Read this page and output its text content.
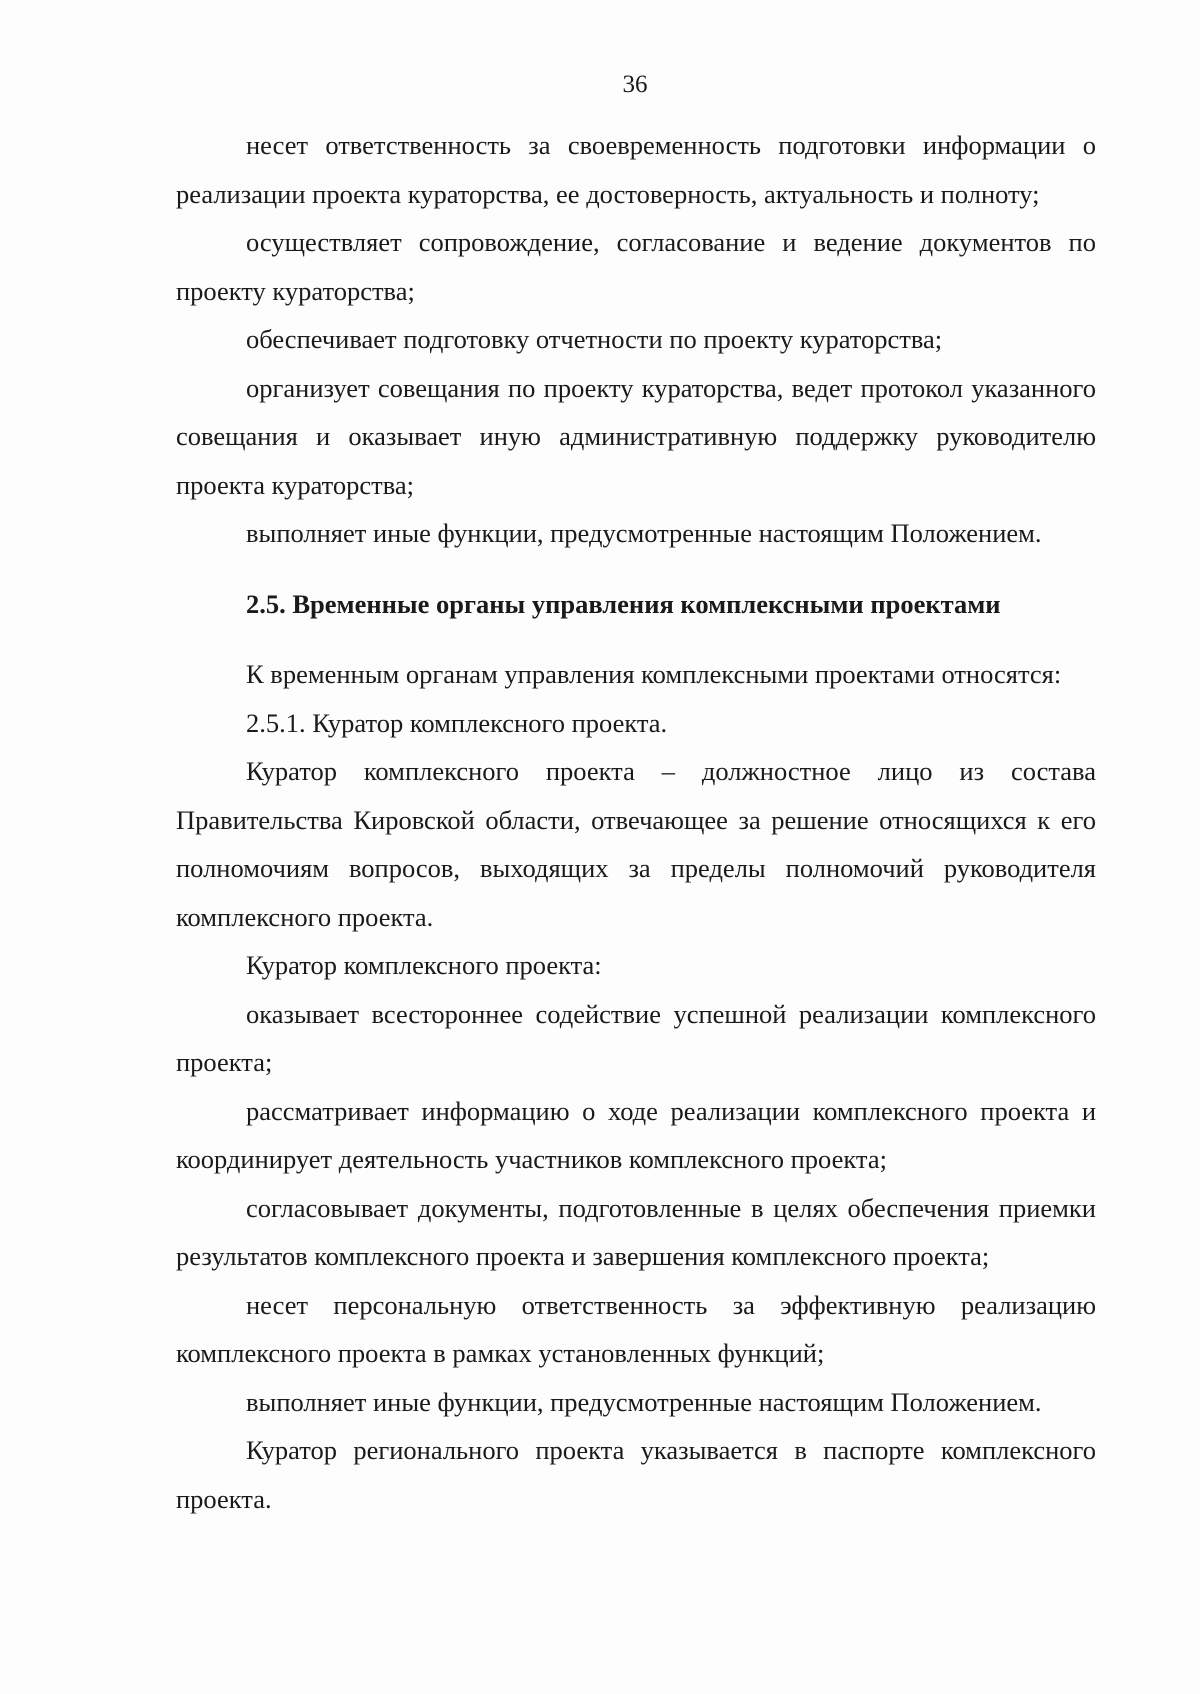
36

несет ответственность за своевременность подготовки информации о реализации проекта кураторства, ее достоверность, актуальность и полноту;

осуществляет сопровождение, согласование и ведение документов по проекту кураторства;

обеспечивает подготовку отчетности по проекту кураторства;

организует совещания по проекту кураторства, ведет протокол указанного совещания и оказывает иную административную поддержку руководителю проекта кураторства;

выполняет иные функции, предусмотренные настоящим Положением.

2.5. Временные органы управления комплексными проектами

К временным органам управления комплексными проектами относятся:

2.5.1. Куратор комплексного проекта.

Куратор комплексного проекта – должностное лицо из состава Правительства Кировской области, отвечающее за решение относящихся к его полномочиям вопросов, выходящих за пределы полномочий руководителя комплексного проекта.

Куратор комплексного проекта:

оказывает всестороннее содействие успешной реализации комплексного проекта;

рассматривает информацию о ходе реализации комплексного проекта и координирует деятельность участников комплексного проекта;

согласовывает документы, подготовленные в целях обеспечения приемки результатов комплексного проекта и завершения комплексного проекта;

несет персональную ответственность за эффективную реализацию комплексного проекта в рамках установленных функций;

выполняет иные функции, предусмотренные настоящим Положением.

Куратор регионального проекта указывается в паспорте комплексного проекта.
